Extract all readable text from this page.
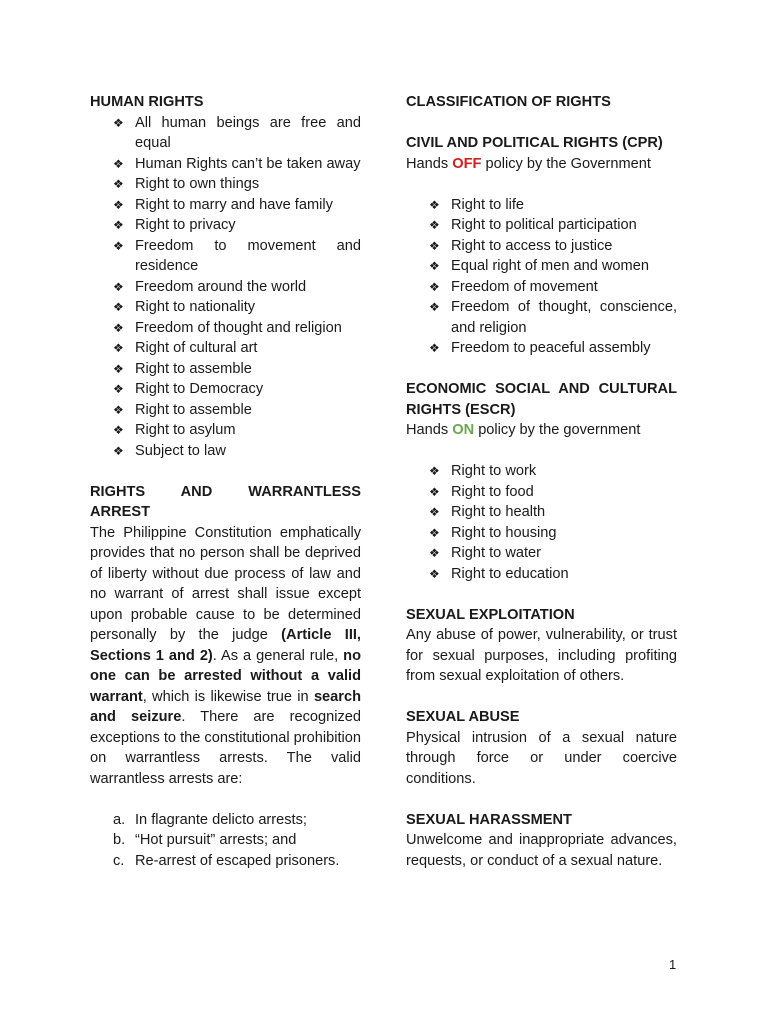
HUMAN RIGHTS
❖ All human beings are free and equal
❖ Human Rights can’t be taken away
❖ Right to own things
❖ Right to marry and have family
❖ Right to privacy
❖ Freedom to movement and residence
❖ Freedom around the world
❖ Right to nationality
❖ Freedom of thought and religion
❖ Right of cultural art
❖ Right to assemble
❖ Right to Democracy
❖ Right to assemble
❖ Right to asylum
❖ Subject to law
RIGHTS AND WARRANTLESS
ARREST
The Philippine Constitution emphatically provides that no person shall be deprived of liberty without due process of law and no warrant of arrest shall issue except upon probable cause to be determined personally by the judge (Article III, Sections 1 and 2). As a general rule, no one can be arrested without a valid warrant, which is likewise true in search and seizure. There are recognized exceptions to the constitutional prohibition on warrantless arrests. The valid warrantless arrests are:
a. In flagrante delicto arrests;
b. “Hot pursuit” arrests; and
c. Re-arrest of escaped prisoners.
CLASSIFICATION OF RIGHTS
CIVIL AND POLITICAL RIGHTS (CPR)
Hands OFF policy by the Government
❖ Right to life
❖ Right to political participation
❖ Right to access to justice
❖ Equal right of men and women
❖ Freedom of movement
❖ Freedom of thought, conscience, and religion
❖ Freedom to peaceful assembly
ECONOMIC SOCIAL AND CULTURAL RIGHTS (ESCR)
Hands ON policy by the government
❖ Right to work
❖ Right to food
❖ Right to health
❖ Right to housing
❖ Right to water
❖ Right to education
SEXUAL EXPLOITATION
Any abuse of power, vulnerability, or trust for sexual purposes, including profiting from sexual exploitation of others.
SEXUAL ABUSE
Physical intrusion of a sexual nature through force or under coercive conditions.
SEXUAL HARASSMENT
Unwelcome and inappropriate advances, requests, or conduct of a sexual nature.
1
